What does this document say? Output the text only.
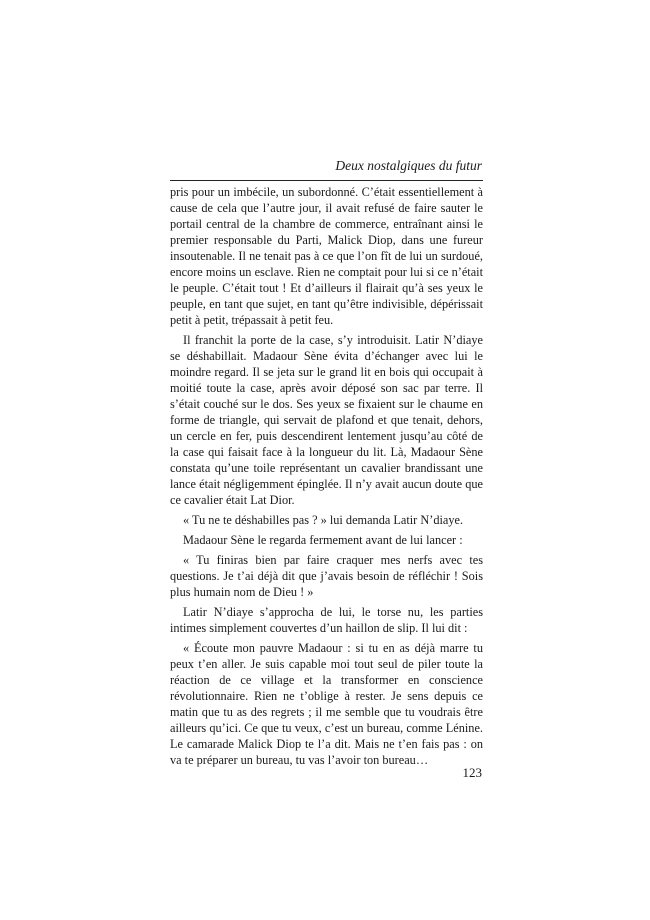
Deux nostalgiques du futur

pris pour un imbécile, un subordonné. C’était essentiellement à cause de cela que l’autre jour, il avait refusé de faire sauter le portail central de la chambre de commerce, entraînant ainsi le premier responsable du Parti, Malick Diop, dans une fureur insoutenable. Il ne tenait pas à ce que l’on fît de lui un surdoué, encore moins un esclave. Rien ne comptait pour lui si ce n’était le peuple. C’était tout ! Et d’ailleurs il flairait qu’à ses yeux le peuple, en tant que sujet, en tant qu’être indivisible, dépérissait petit à petit, trépassait à petit feu.

Il franchit la porte de la case, s’y introduisit. Latir N’diaye se déshabillait. Madaour Sène évita d’échanger avec lui le moindre regard. Il se jeta sur le grand lit en bois qui occupait à moitié toute la case, après avoir déposé son sac par terre. Il s’était couché sur le dos. Ses yeux se fixaient sur le chaume en forme de triangle, qui servait de plafond et que tenait, dehors, un cercle en fer, puis descendirent lentement jusqu’au côté de la case qui faisait face à la longueur du lit. Là, Madaour Sène constata qu’une toile représentant un cavalier brandissant une lance était négligemment épinglée. Il n’y avait aucun doute que ce cavalier était Lat Dior.

« Tu ne te déshabilles pas ? » lui demanda Latir N’diaye.

Madaour Sène le regarda fermement avant de lui lancer :

« Tu finiras bien par faire craquer mes nerfs avec tes questions. Je t’ai déjà dit que j’avais besoin de réfléchir ! Sois plus humain nom de Dieu ! »

Latir N’diaye s’approcha de lui, le torse nu, les parties intimes simplement couvertes d’un haillon de slip. Il lui dit :

« Écoute mon pauvre Madaour : si tu en as déjà marre tu peux t’en aller. Je suis capable moi tout seul de piler toute la réaction de ce village et la transformer en conscience révolutionnaire. Rien ne t’oblige à rester. Je sens depuis ce matin que tu as des regrets ; il me semble que tu voudrais être ailleurs qu’ici. Ce que tu veux, c’est un bureau, comme Lénine. Le camarade Malick Diop te l’a dit. Mais ne t’en fais pas : on va te préparer un bureau, tu vas l’avoir ton bureau…

123
